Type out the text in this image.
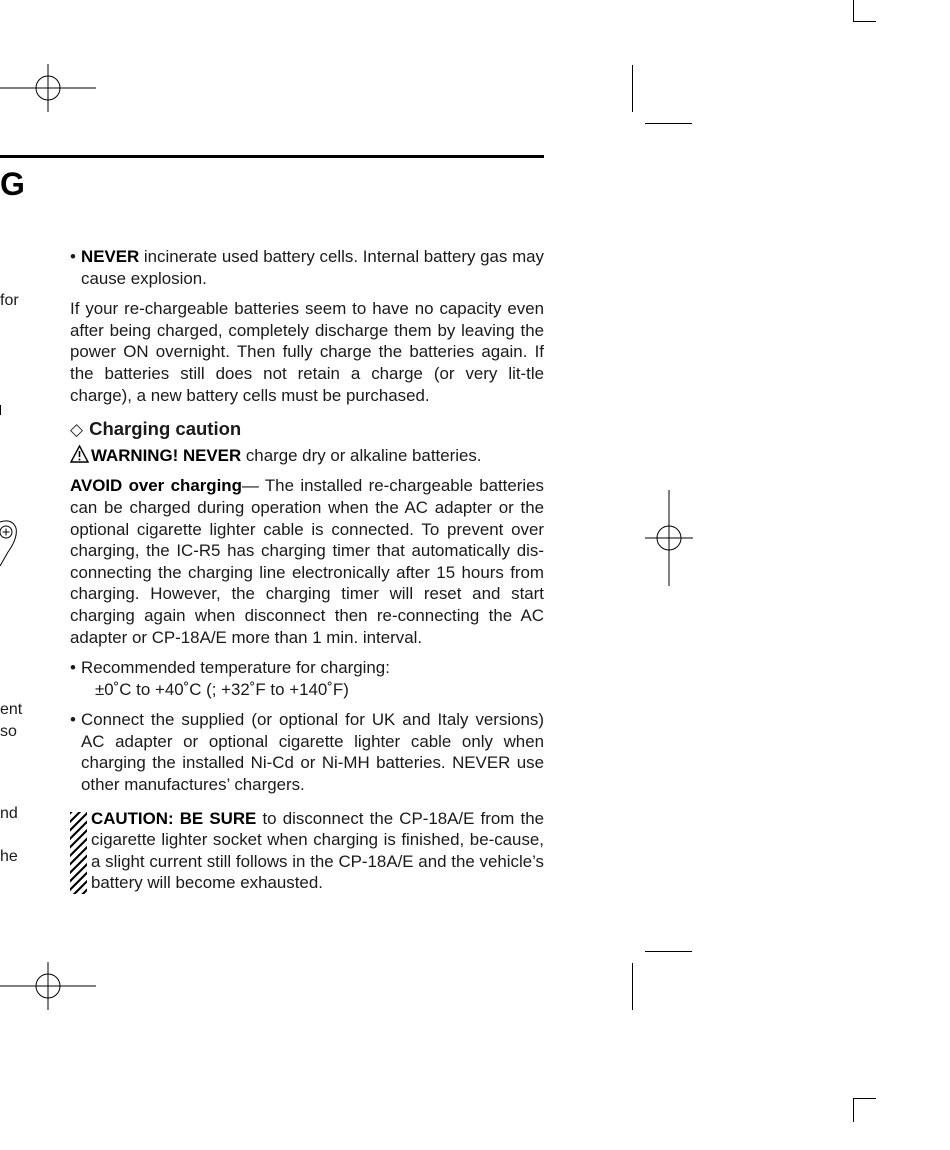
G
for
ent
so
nd
he

• NEVER incinerate used battery cells. Internal battery gas may cause explosion.

If your re-chargeable batteries seem to have no capacity even after being charged, completely discharge them by leaving the power ON overnight. Then fully charge the batteries again. If the batteries still does not retain a charge (or very lit-tle charge), a new battery cells must be purchased.

◇ Charging caution

WARNING! NEVER charge dry or alkaline batteries.

AVOID over charging— The installed re-chargeable batteries can be charged during operation when the AC adapter or the optional cigarette lighter cable is connected. To prevent over charging, the IC-R5 has charging timer that automatically dis-connecting the charging line electronically after 15 hours from charging. However, the charging timer will reset and start charging again when disconnect then re-connecting the AC adapter or CP-18A/E more than 1 min. interval.

• Recommended temperature for charging:
±0˚C to +40˚C (; +32˚F to +140˚F)

• Connect the supplied (or optional for UK and Italy versions) AC adapter or optional cigarette lighter cable only when charging the installed Ni-Cd or Ni-MH batteries. NEVER use other manufactures’ chargers.

CAUTION: BE SURE to disconnect the CP-18A/E from the cigarette lighter socket when charging is finished, be-cause, a slight current still follows in the CP-18A/E and the vehicle’s battery will become exhausted.
